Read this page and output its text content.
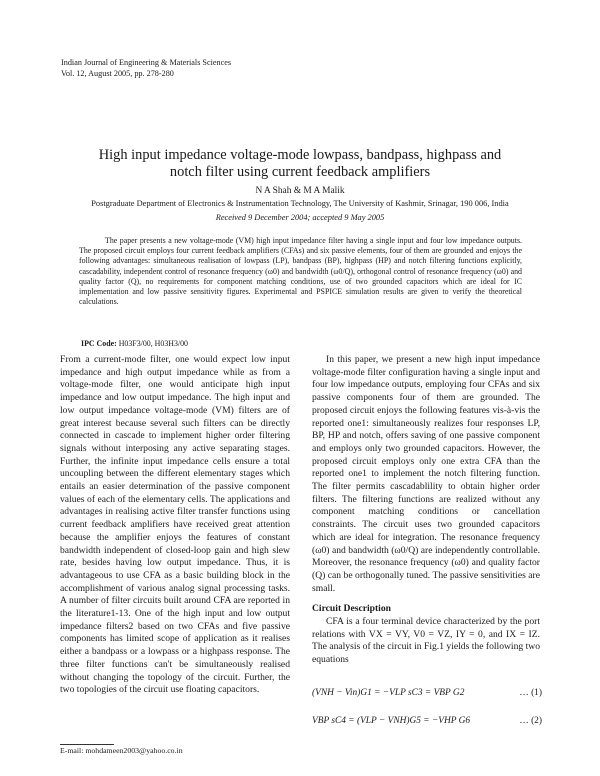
Indian Journal of Engineering & Materials Sciences
Vol. 12, August 2005, pp. 278-280
High input impedance voltage-mode lowpass, bandpass, highpass and
notch filter using current feedback amplifiers
N A Shah & M A Malik
Postgraduate Department of Electronics & Instrumentation Technology, The University of Kashmir, Srinagar, 190 006, India
Received 9 December 2004; accepted 9 May 2005
The paper presents a new voltage-mode (VM) high input impedance filter having a single input and four low impedance outputs. The proposed circuit employs four current feedback amplifiers (CFAs) and six passive elements, four of them are grounded and enjoys the following advantages: simultaneous realisation of lowpass (LP), bandpass (BP), highpass (HP) and notch filtering functions explicitly, cascadability, independent control of resonance frequency (ω0) and bandwidth (ω0/Q), orthogonal control of resonance frequency (ω0) and quality factor (Q), no requirements for component matching conditions, use of two grounded capacitors which are ideal for IC implementation and low passive sensitivity figures. Experimental and PSPICE simulation results are given to verify the theoretical calculations.
IPC Code: H03F3/00, H03H3/00

From a current-mode filter, one would expect low input impedance and high output impedance while as from a voltage-mode filter, one would anticipate high input impedance and low output impedance. The high input and low output impedance voltage-mode (VM) filters are of great interest because several such filters can be directly connected in cascade to implement higher order filtering signals without interposing any active separating stages. Further, the infinite input impedance cells ensure a total uncoupling between the different elementary stages which entails an easier determination of the passive component values of each of the elementary cells. The applications and advantages in realising active filter transfer functions using current feedback amplifiers have received great attention because the amplifier enjoys the features of constant bandwidth independent of closed-loop gain and high slew rate, besides having low output impedance. Thus, it is advantageous to use CFA as a basic building block in the accomplishment of various analog signal processing tasks. A number of filter circuits built around CFA are reported in the literature1-13. One of the high input and low output impedance filters2 based on two CFAs and five passive components has limited scope of application as it realises either a bandpass or a lowpass or a highpass response. The three filter functions can't be simultaneously realised without changing the topology of the circuit. Further, the two topologies of the circuit use floating capacitors.

In this paper, we present a new high input impedance voltage-mode filter configuration having a single input and four low impedance outputs, employing four CFAs and six passive components four of them are grounded. The proposed circuit enjoys the following features vis-à-vis the reported one1: simultaneously realizes four responses LP, BP, HP and notch, offers saving of one passive component and employs only two grounded capacitors. However, the proposed circuit employs only one extra CFA than the reported one1 to implement the notch filtering function. The filter permits cascadablility to obtain higher order filters. The filtering functions are realized without any component matching conditions or cancellation constraints. The circuit uses two grounded capacitors which are ideal for integration. The resonance frequency (ω0) and bandwidth (ω0/Q) are independently controllable. Moreover, the resonance frequency (ω0) and quality factor (Q) can be orthogonally tuned. The passive sensitivities are small.

Circuit Description

CFA is a four terminal device characterized by the port relations with VX = VY, V0 = VZ, IY = 0, and IX = IZ. The analysis of the circuit in Fig.1 yields the following two equations

(VNH − Vin)G1 = −VLP sC3 = VBP G2	… (1)
VBP sC4 = (VLP − VNH)G5 = −VHP G6	… (2)
E-mail: mohdameen2003@yahoo.co.in
